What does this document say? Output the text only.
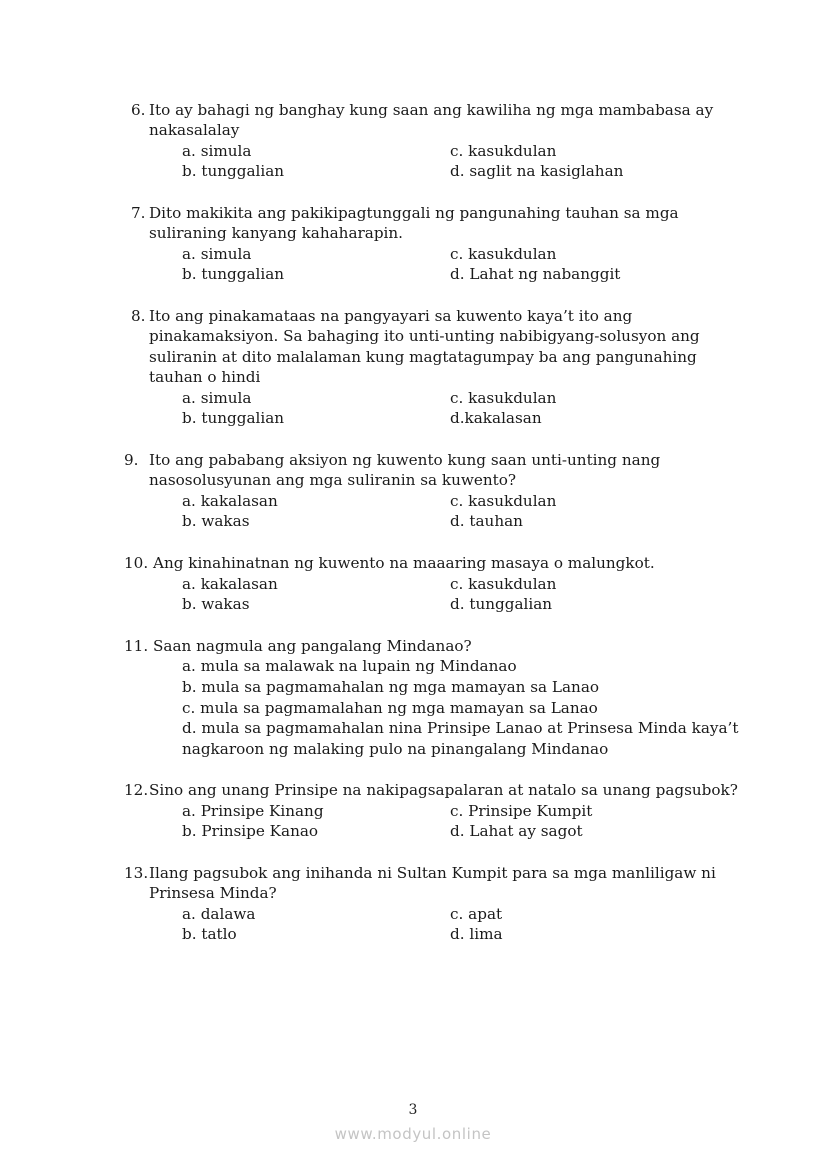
6. Ito ay bahagi ng banghay kung saan ang kawiliha ng mga mambabasa ay
nakasalalay
a. simula
b. tunggalian
c. kasukdulan
d. saglit na kasiglahan
7. Dito makikita ang pakikipagtunggali ng pangunahing tauhan sa mga
suliraning kanyang kahaharapin.
a. simula
b. tunggalian
c. kasukdulan
d. Lahat ng nabanggit
8. Ito ang pinakamataas na pangyayari sa kuwento kaya’t ito ang
pinakamaksiyon. Sa bahaging ito unti-unting nabibigyang-solusyon ang
suliranin at dito malalaman kung magtatagumpay ba ang pangunahing
tauhan o hindi
a. simula
b. tunggalian
c. kasukdulan
d.kakalasan
9. Ito ang pababang aksiyon ng kuwento kung saan unti-unting nang
nasosolusyunan ang mga suliranin sa kuwento?
a. kakalasan
b. wakas
c. kasukdulan
d. tauhan
10. Ang kinahinatnan ng kuwento na maaaring masaya o malungkot.
a. kakalasan
b. wakas
c. kasukdulan
d. tunggalian
11. Saan nagmula ang pangalang Mindanao?
a. mula sa malawak na lupain ng Mindanao
b. mula sa pagmamahalan ng mga mamayan sa Lanao
c. mula sa pagmamalahan ng mga mamayan sa Lanao
d. mula sa pagmamahalan nina Prinsipe Lanao at Prinsesa Minda kaya’t
nagkaroon ng malaking pulo na pinangalang Mindanao
12. Sino ang unang Prinsipe na nakipagsapalaran at natalo sa unang pagsubok?
a. Prinsipe Kinang
b. Prinsipe Kanao
c. Prinsipe Kumpit
d. Lahat ay sagot
13. Ilang pagsubok ang inihanda ni Sultan Kumpit para sa mga manliligaw ni
Prinsesa Minda?
a. dalawa
b. tatlo
c. apat
d. lima
3
www.modyul.online
